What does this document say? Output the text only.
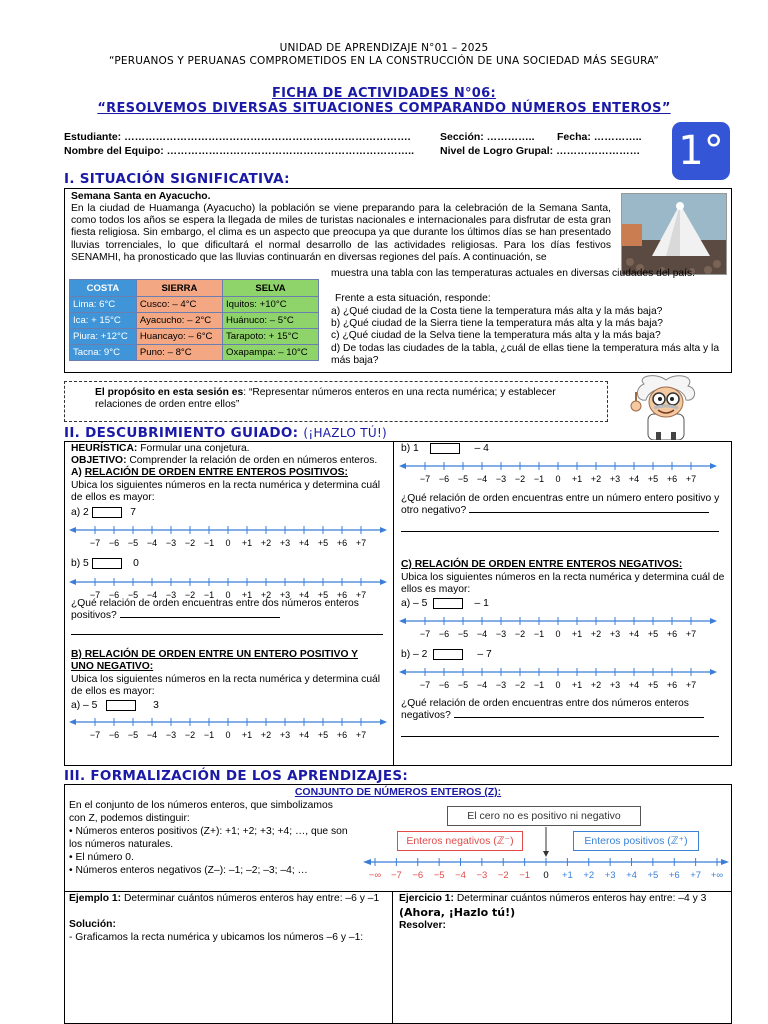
UNIDAD DE APRENDIZAJE N°01 – 2025
“PERUANOS Y PERUANAS COMPROMETIDOS EN LA CONSTRUCCIÓN DE UNA SOCIEDAD MÁS SEGURA”
FICHA DE ACTIVIDADES N°06:
“RESOLVEMOS DIVERSAS SITUACIONES COMPARANDO NÚMEROS ENTEROS”
Estudiante: ……………………………………………………………………….
Nombre del Equipo: ……………………………………………………………..
Sección: ………….. Fecha: …………..
Nivel de Logro Grupal: …………………… 1°
I. SITUACIÓN SIGNIFICATIVA:
Semana Santa en Ayacucho.
En la ciudad de Huamanga (Ayacucho) la población se viene preparando para la celebración de la Semana Santa, como todos los años se espera la llegada de miles de turistas nacionales e internacionales para disfrutar de esta gran fiesta religiosa. Sin embargo, el clima es un aspecto que preocupa ya que durante los últimos días se han presentado lluvias torrenciales, lo que dificultará el normal desarrollo de las actividades religiosas. Para los días festivos SENAMHI, ha pronosticado que las lluvias continuarán en diversas regiones del país. A continuación, se
COSTA	SIERRA	SELVA
Lima: 6°C	Cusco: – 4°C	Iquitos: +10°C
Ica: + 15°C	Ayacucho: – 2°C	Huánuco: – 5°C
Piura: +12°C	Huancayo: – 6°C	Tarapoto: + 15°C
Tacna: 9°C	Puno: – 8°C	Oxapampa: – 10°C
muestra una tabla con las temperaturas actuales en diversas ciudades del país.
Frente a esta situación, responde:
a) ¿Qué ciudad de la Costa tiene la temperatura más alta y la más baja?
b) ¿Qué ciudad de la Sierra tiene la temperatura más alta y la más baja?
c) ¿Qué ciudad de la Selva tiene la temperatura más alta y la más baja?
d) De todas las ciudades de la tabla, ¿cuál de ellas tiene la temperatura más alta y la más baja?
El propósito en esta sesión es: “Representar números enteros en una recta numérica; y establecer relaciones de orden entre ellos”
II. DESCUBRIMIENTO GUIADO: (¡HAZLO TÚ!)
HEURÍSTICA: Formular una conjetura.
OBJETIVO: Comprender la relación de orden en números enteros.
A) RELACIÓN DE ORDEN ENTRE ENTEROS POSITIVOS:
Ubica los siguientes números en la recta numérica y determina cuál de ellos es mayor:
a) 2	7
−7 −6 −5 −4 −3 −2 −1 0 +1 +2 +3 +4 +5 +6 +7
b) 5	0
−7 −6 −5 −4 −3 −2 −1 0 +1 +2 +3 +4 +5 +6 +7
¿Qué relación de orden encuentras entre dos números enteros positivos?
B) RELACIÓN DE ORDEN ENTRE UN ENTERO POSITIVO Y UNO NEGATIVO:
Ubica los siguientes números en la recta numérica y determina cuál de ellos es mayor:
a) – 5	3
−7 −6 −5 −4 −3 −2 −1 0 +1 +2 +3 +4 +5 +6 +7
b) 1	– 4
−7 −6 −5 −4 −3 −2 −1 0 +1 +2 +3 +4 +5 +6 +7
¿Qué relación de orden encuentras entre un número entero positivo y otro negativo?
C) RELACIÓN DE ORDEN ENTRE ENTEROS NEGATIVOS:
Ubica los siguientes números en la recta numérica y determina cuál de ellos es mayor:
a) – 5	– 1
−7 −6 −5 −4 −3 −2 −1 0 +1 +2 +3 +4 +5 +6 +7
b) – 2	– 7
−7 −6 −5 −4 −3 −2 −1 0 +1 +2 +3 +4 +5 +6 +7
¿Qué relación de orden encuentras entre dos números enteros negativos?
III. FORMALIZACIÓN DE LOS APRENDIZAJES:
CONJUNTO DE NÚMEROS ENTEROS (Z):
En el conjunto de los números enteros, que simbolizamos con Z, podemos distinguir:
• Números enteros positivos (Z+): +1; +2; +3; +4; …, que son los números naturales.
• El número 0.
• Números enteros negativos (Z–): –1; –2; –3; –4; …
El cero no es positivo ni negativo
Enteros negativos (ℤ⁻)	Enteros positivos (ℤ⁺)
−∞ −7 −6 −5 −4 −3 −2 −1 0 +1 +2 +3 +4 +5 +6 +7 +∞
Ejemplo 1: Determinar cuántos números enteros hay entre: –6 y –1
Solución:
- Graficamos la recta numérica y ubicamos los números –6 y –1:
Ejercicio 1: Determinar cuántos números enteros hay entre: –4 y 3
(Ahora, ¡Hazlo tú!)
Resolver:
